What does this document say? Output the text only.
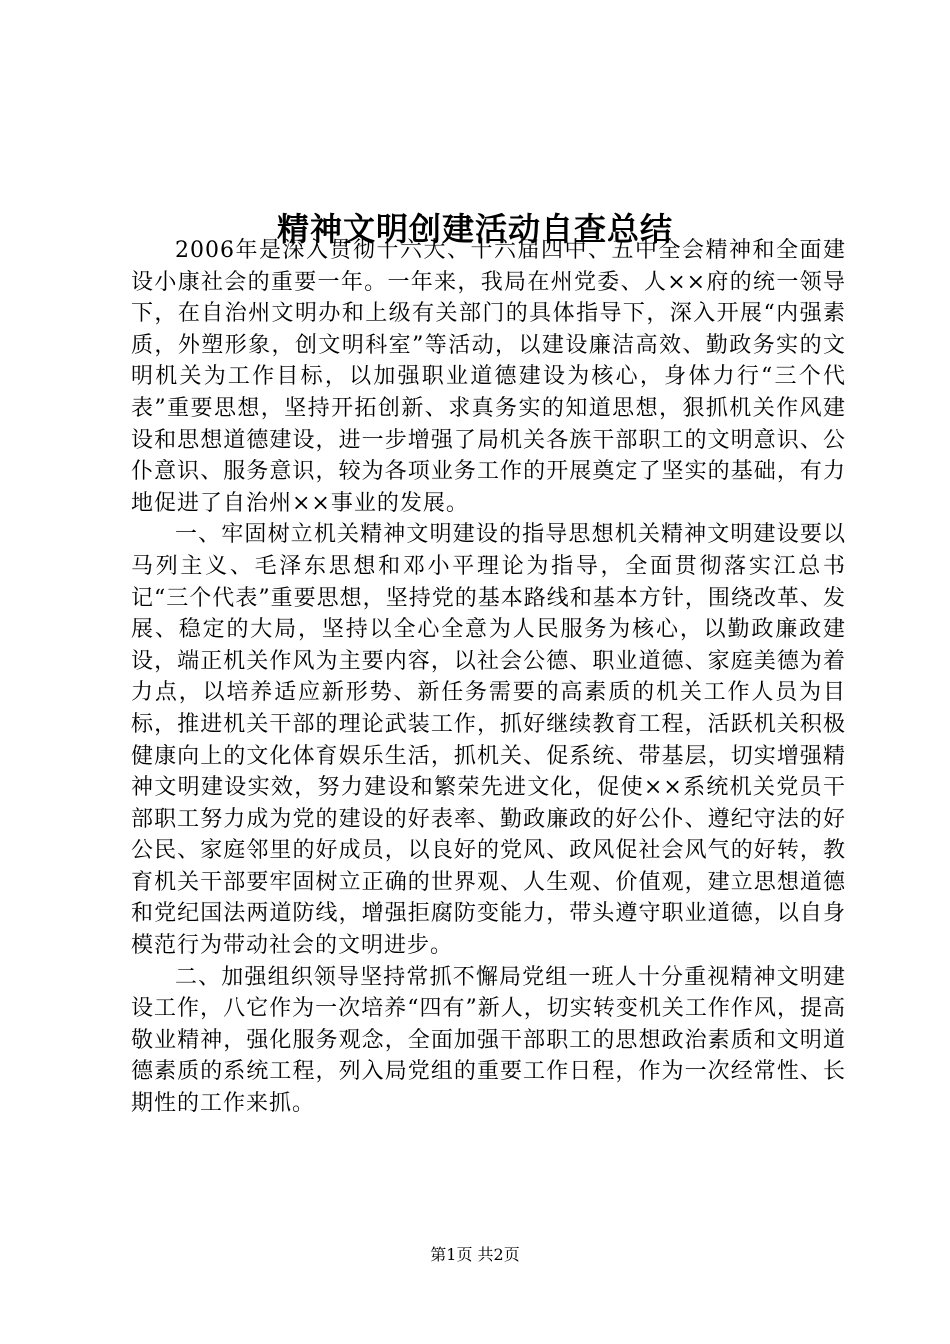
精神文明创建活动自查总结

2006年是深入贯彻十六大、十六届四中、五中全会精神和全面建设小康社会的重要一年。一年来，我局在州党委、人××府的统一领导下，在自治州文明办和上级有关部门的具体指导下，深入开展“内强素质，外塑形象，创文明科室”等活动，以建设廉洁高效、勤政务实的文明机关为工作目标，以加强职业道德建设为核心，身体力行“三个代表”重要思想，坚持开拓创新、求真务实的知道思想，狠抓机关作风建设和思想道德建设，进一步增强了局机关各族干部职工的文明意识、公仆意识、服务意识，较为各项业务工作的开展奠定了坚实的基础，有力地促进了自治州××事业的发展。

一、牢固树立机关精神文明建设的指导思想机关精神文明建设要以马列主义、毛泽东思想和邓小平理论为指导，全面贯彻落实江总书记“三个代表”重要思想，坚持党的基本路线和基本方针，围绕改革、发展、稳定的大局，坚持以全心全意为人民服务为核心，以勤政廉政建设，端正机关作风为主要内容，以社会公德、职业道德、家庭美德为着力点，以培养适应新形势、新任务需要的高素质的机关工作人员为目标，推进机关干部的理论武装工作，抓好继续教育工程，活跃机关积极健康向上的文化体育娱乐生活，抓机关、促系统、带基层，切实增强精神文明建设实效，努力建设和繁荣先进文化，促使××系统机关党员干部职工努力成为党的建设的好表率、勤政廉政的好公仆、遵纪守法的好公民、家庭邻里的好成员，以良好的党风、政风促社会风气的好转，教育机关干部要牢固树立正确的世界观、人生观、价值观，建立思想道德和党纪国法两道防线，增强拒腐防变能力，带头遵守职业道德，以自身模范行为带动社会的文明进步。

二、加强组织领导坚持常抓不懈局党组一班人十分重视精神文明建设工作，八它作为一次培养“四有”新人，切实转变机关工作作风，提高敬业精神，强化服务观念，全面加强干部职工的思想政治素质和文明道德素质的系统工程，列入局党组的重要工作日程，作为一次经常性、长期性的工作来抓。

第1页 共2页
